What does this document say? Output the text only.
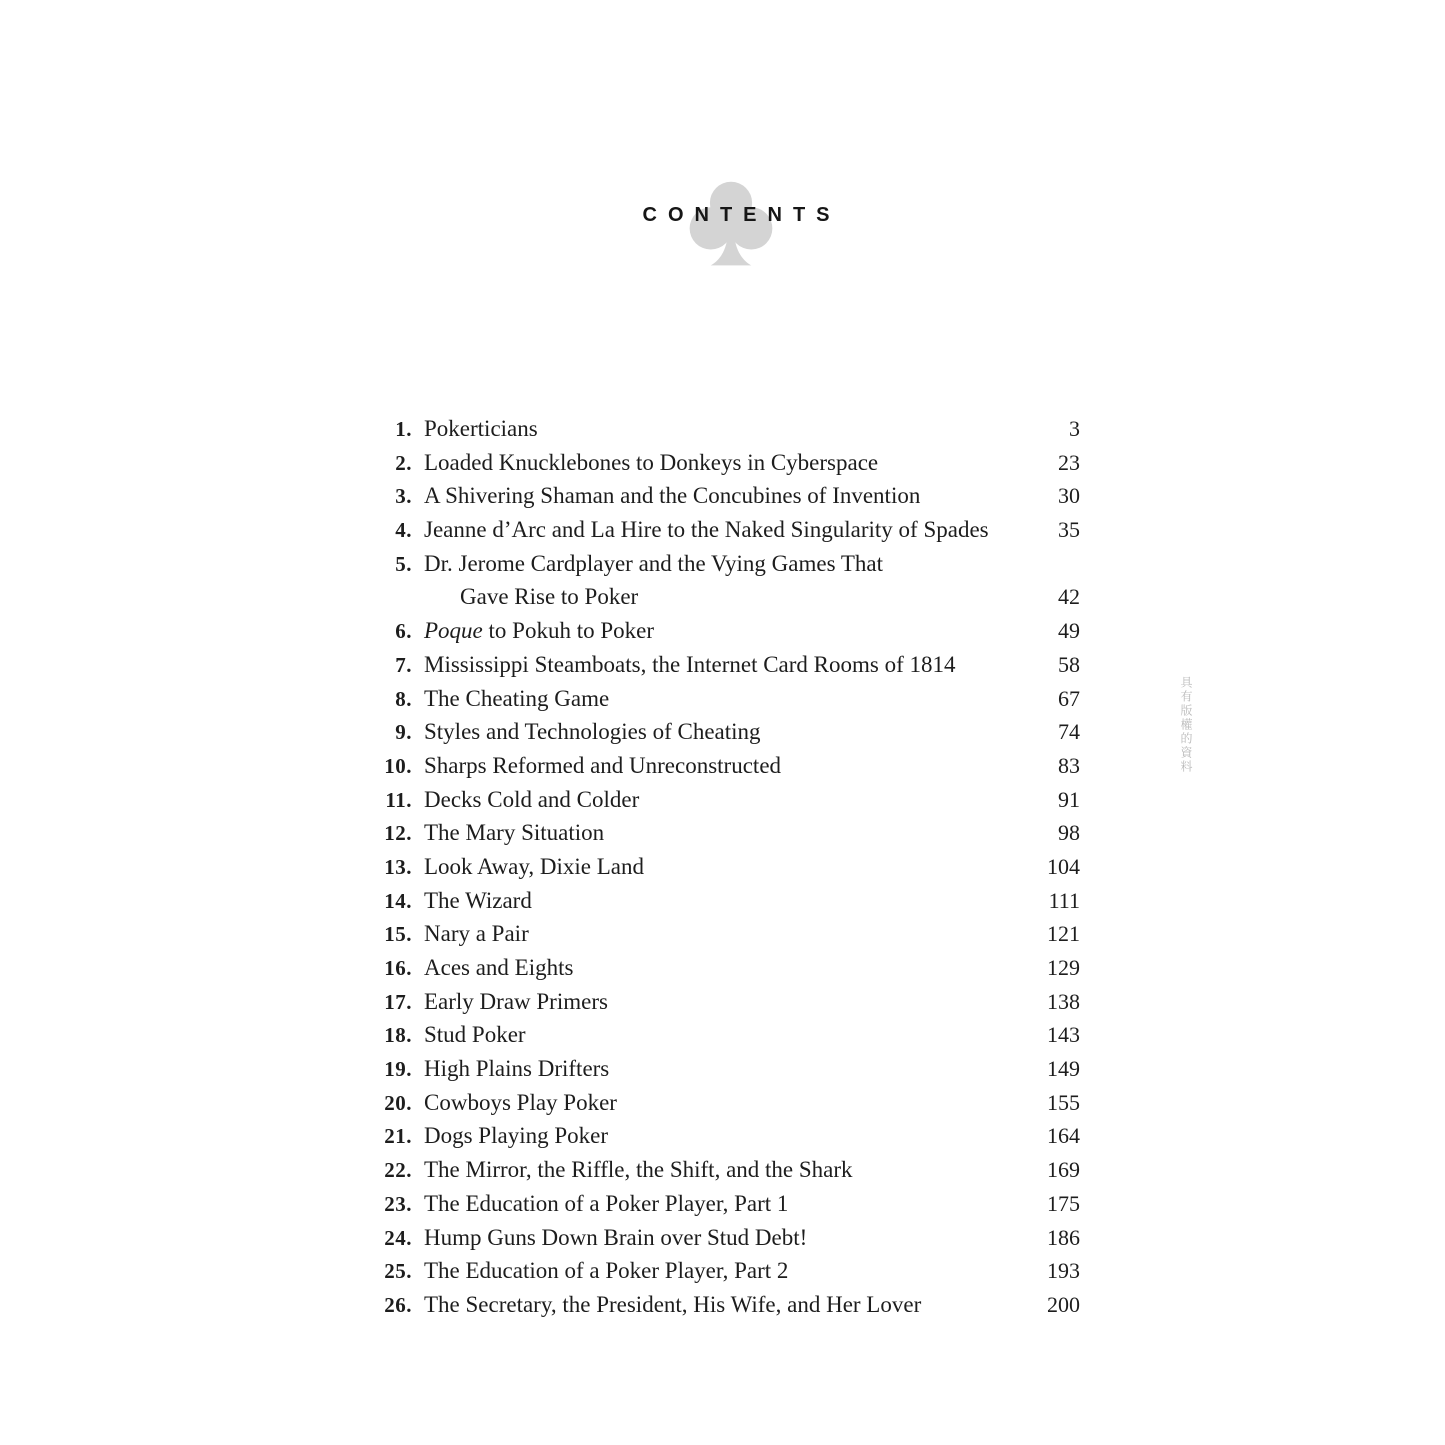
CONTENTS
1. Pokerticians	3
2. Loaded Knucklebones to Donkeys in Cyberspace	23
3. A Shivering Shaman and the Concubines of Invention	30
4. Jeanne d’Arc and La Hire to the Naked Singularity of Spades	35
5. Dr. Jerome Cardplayer and the Vying Games That
Gave Rise to Poker	42
6. Poque to Pokuh to Poker	49
7. Mississippi Steamboats, the Internet Card Rooms of 1814	58
8. The Cheating Game	67
9. Styles and Technologies of Cheating	74
10. Sharps Reformed and Unreconstructed	83
11. Decks Cold and Colder	91
12. The Mary Situation	98
13. Look Away, Dixie Land	104
14. The Wizard	111
15. Nary a Pair	121
16. Aces and Eights	129
17. Early Draw Primers	138
18. Stud Poker	143
19. High Plains Drifters	149
20. Cowboys Play Poker	155
21. Dogs Playing Poker	164
22. The Mirror, the Riffle, the Shift, and the Shark	169
23. The Education of a Poker Player, Part 1	175
24. Hump Guns Down Brain over Stud Debt!	186
25. The Education of a Poker Player, Part 2	193
26. The Secretary, the President, His Wife, and Her Lover	200
具有版權的資料
